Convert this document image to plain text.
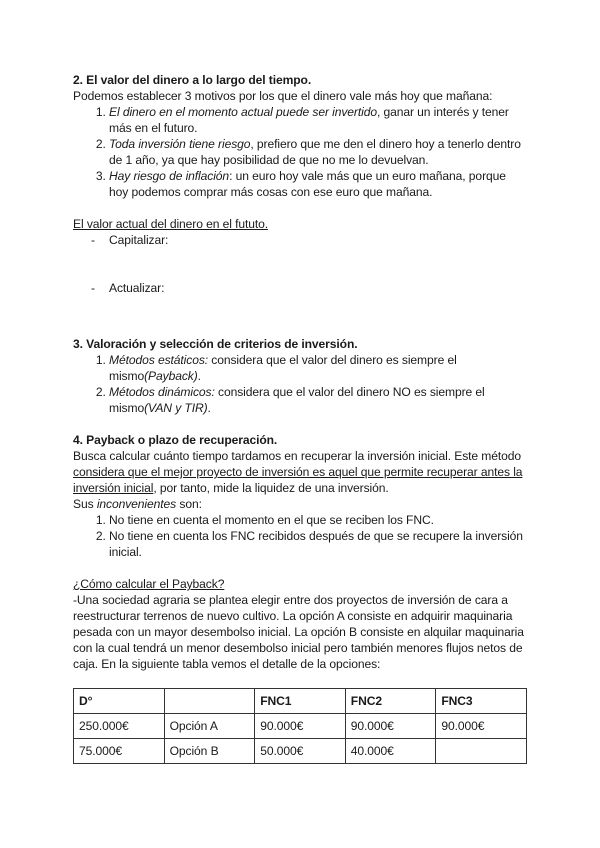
2. El valor del dinero a lo largo del tiempo.

Podemos establecer 3 motivos por los que el dinero vale más hoy que mañana:

1. El dinero en el momento actual puede ser invertido, ganar un interés y tener más en el futuro.
2. Toda inversión tiene riesgo, prefiero que me den el dinero hoy a tenerlo dentro de 1 año, ya que hay posibilidad de que no me lo devuelvan.
3. Hay riesgo de inflación: un euro hoy vale más que un euro mañana, porque hoy podemos comprar más cosas con ese euro que mañana.

El valor actual del dinero en el fututo.

- Capitalizar:
- Actualizar:

3. Valoración y selección de criterios de inversión.

1. Métodos estáticos: considera que el valor del dinero es siempre el mismo(Payback).
2. Métodos dinámicos: considera que el valor del dinero NO es siempre el mismo(VAN y TIR).

4. Payback o plazo de recuperación.

Busca calcular cuánto tiempo tardamos en recuperar la inversión inicial. Este método considera que el mejor proyecto de inversión es aquel que permite recuperar antes la inversión inicial, por tanto, mide la liquidez de una inversión.

Sus inconvenientes son:

1. No tiene en cuenta el momento en el que se reciben los FNC.
2. No tiene en cuenta los FNC recibidos después de que se recupere la inversión inicial.

¿Cómo calcular el Payback?

-Una sociedad agraria se plantea elegir entre dos proyectos de inversión de cara a reestructurar terrenos de nuevo cultivo. La opción A consiste en adquirir maquinaria pesada con un mayor desembolso inicial. La opción B consiste en alquilar maquinaria con la cual tendrá un menor desembolso inicial pero también menores flujos netos de caja. En la siguiente tabla vemos el detalle de la opciones:

D°		FNC1	FNC2	FNC3
250.000€	Opción A	90.000€	90.000€	90.000€
75.000€	Opción B	50.000€	40.000€	
